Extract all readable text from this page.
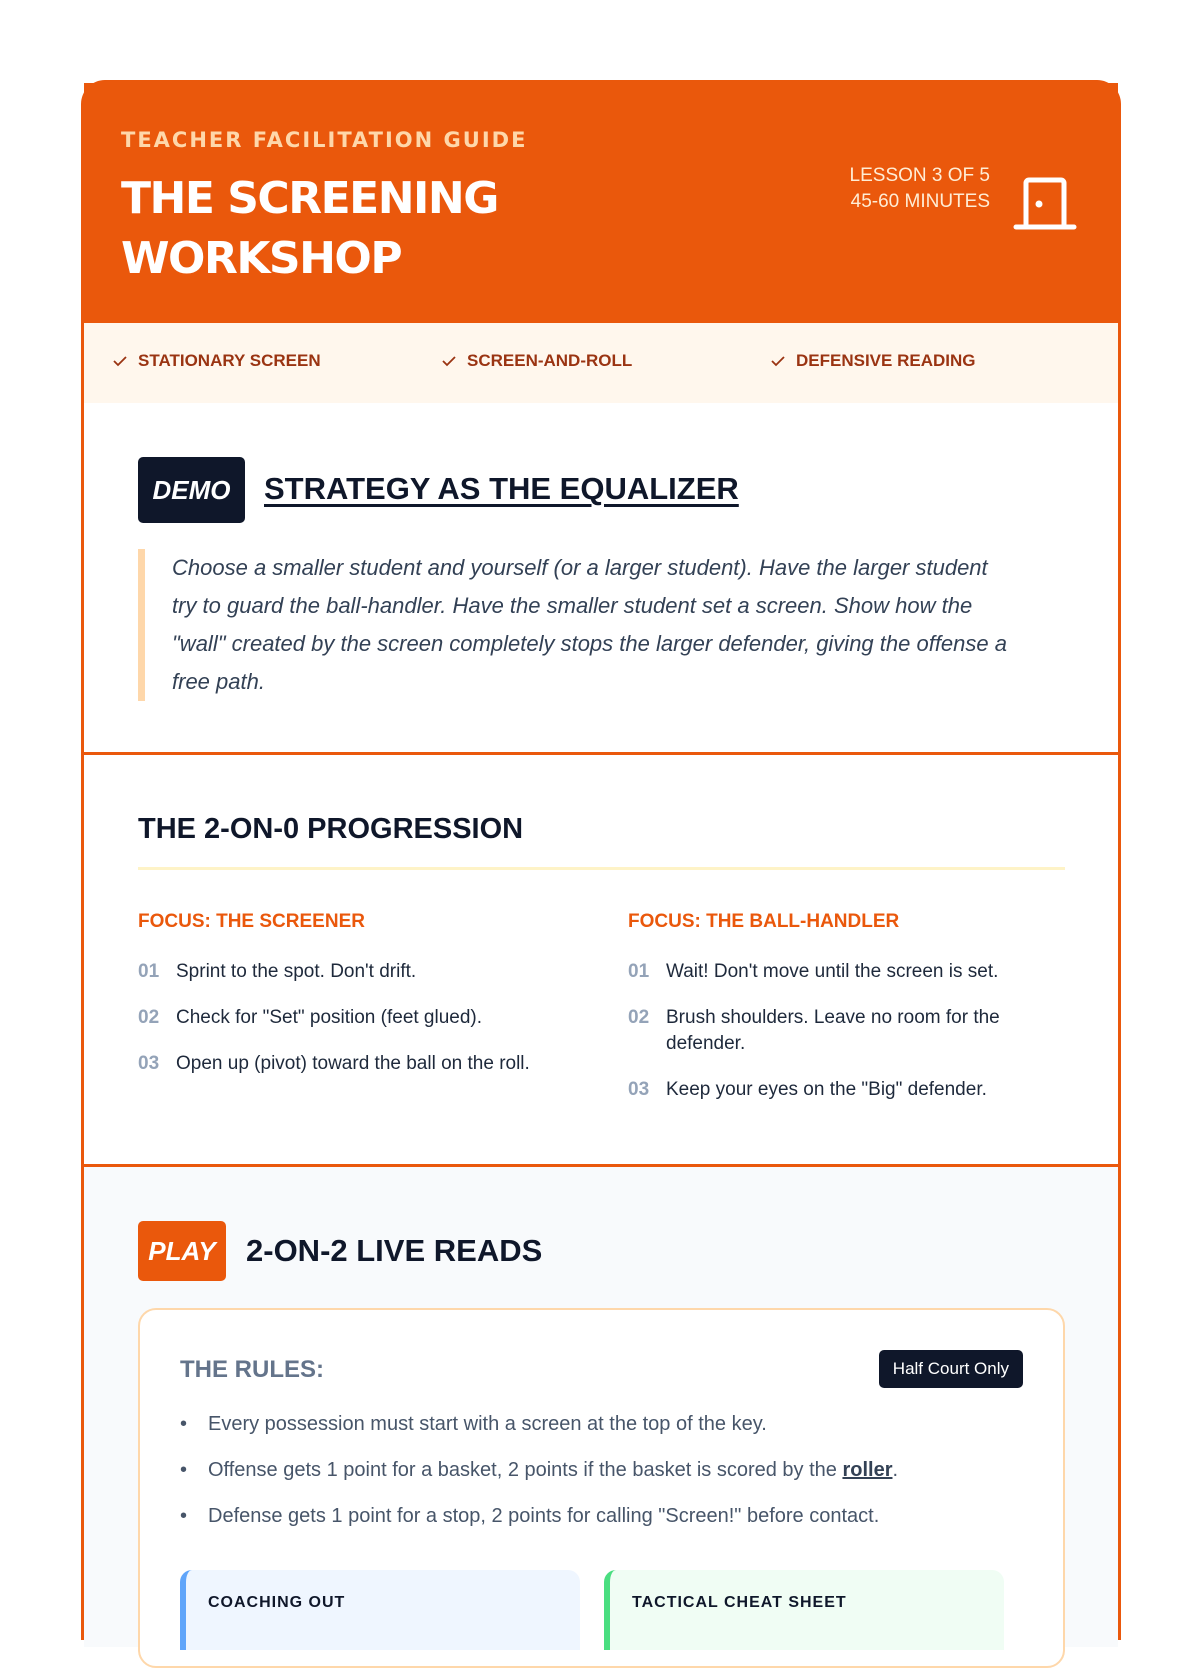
TEACHER FACILITATION GUIDE
THE SCREENING WORKSHOP
LESSON 3 OF 5
45-60 MINUTES
STATIONARY SCREEN	SCREEN-AND-ROLL	DEFENSIVE READING
DEMO	STRATEGY AS THE EQUALIZER
Choose a smaller student and yourself (or a larger student). Have the larger student try to guard the ball-handler. Have the smaller student set a screen. Show how the "wall" created by the screen completely stops the larger defender, giving the offense a free path.
THE 2-ON-0 PROGRESSION
FOCUS: THE SCREENER
01 Sprint to the spot. Don't drift.
02 Check for "Set" position (feet glued).
03 Open up (pivot) toward the ball on the roll.
FOCUS: THE BALL-HANDLER
01 Wait! Don't move until the screen is set.
02 Brush shoulders. Leave no room for the defender.
03 Keep your eyes on the "Big" defender.
PLAY 2-ON-2 LIVE READS
THE RULES:	Half Court Only
•	Every possession must start with a screen at the top of the key.
•	Offense gets 1 point for a basket, 2 points if the basket is scored by the roller.
•	Defense gets 1 point for a stop, 2 points for calling "Screen!" before contact.
COACHING OUT	TACTICAL CHEAT SHEET
